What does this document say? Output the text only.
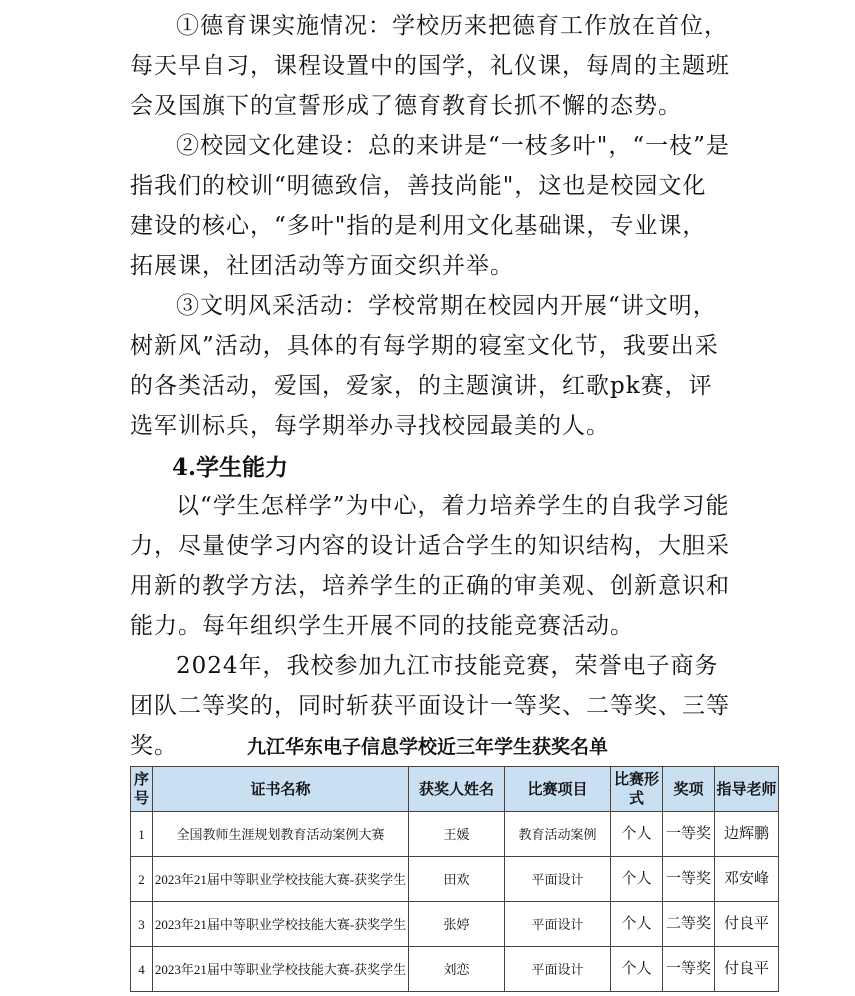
①德育课实施情况：学校历来把德育工作放在首位，每天早自习，课程设置中的国学，礼仪课，每周的主题班会及国旗下的宣誓形成了德育教育长抓不懈的态势。

②校园文化建设：总的来讲是“一枝多叶"，“一枝”是指我们的校训“明德致信，善技尚能"，这也是校园文化建设的核心，“多叶"指的是利用文化基础课，专业课，拓展课，社团活动等方面交织并举。

③文明风采活动：学校常期在校园内开展“讲文明，树新风”活动，具体的有每学期的寝室文化节，我要出采的各类活动，爱国，爱家，的主题演讲，红歌pk赛，评选军训标兵，每学期举办寻找校园最美的人。

4.学生能力

以“学生怎样学”为中心，着力培养学生的自我学习能力，尽量使学习内容的设计适合学生的知识结构，大胆采用新的教学方法，培养学生的正确的审美观、创新意识和能力。每年组织学生开展不同的技能竞赛活动。

2024年，我校参加九江市技能竞赛，荣誉电子商务团队二等奖的，同时斩获平面设计一等奖、二等奖、三等奖。	九江华东电子信息学校近三年学生获奖名单
序号	证书名称	获奖人姓名	比赛项目	比赛形式	奖项	指导老师
1	全国教师生涯规划教育活动案例大赛	王媛	教育活动案例	个人	一等奖	边辉鹏
2	2023年21届中等职业学校技能大赛-获奖学生	田欢	平面设计	个人	一等奖	邓安峰
3	2023年21届中等职业学校技能大赛-获奖学生	张婷	平面设计	个人	二等奖	付良平
4	2023年21届中等职业学校技能大赛-获奖学生	刘恋	平面设计	个人	一等奖	付良平
